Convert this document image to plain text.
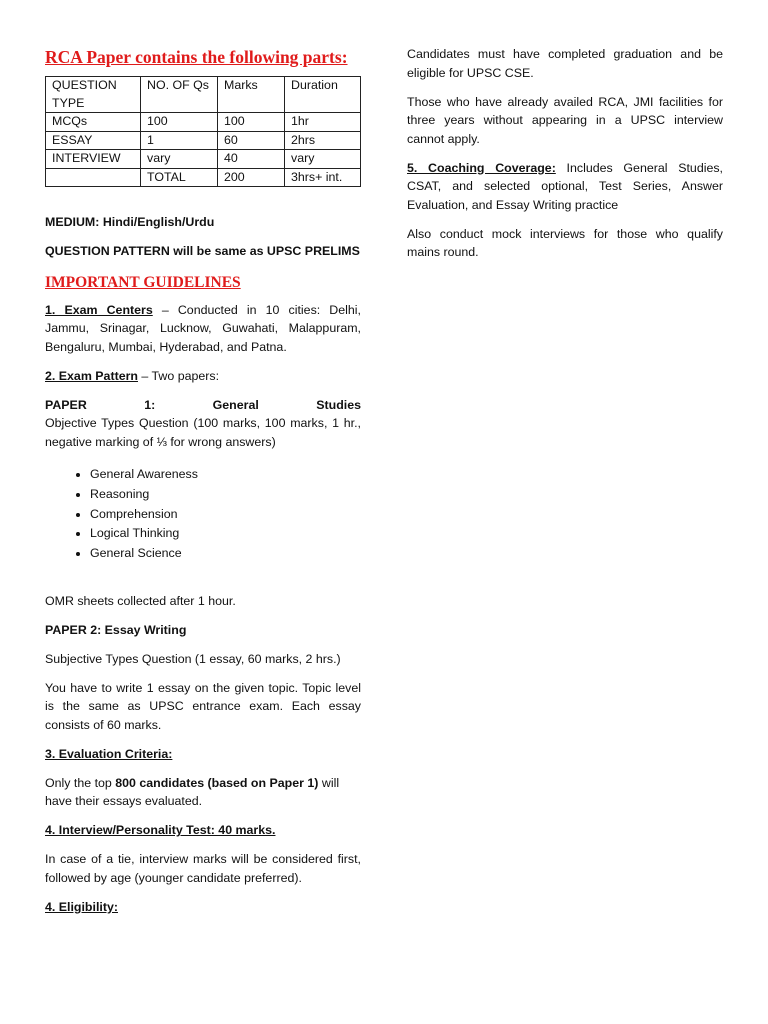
RCA Paper contains the following parts:
QUESTION TYPE	NO. OF Qs	Marks	Duration
MCQs	100	100	1hr
ESSAY	1	60	2hrs
INTERVIEW	vary	40	vary
	TOTAL	200	3hrs+ int.

MEDIUM: Hindi/English/Urdu

QUESTION PATTERN will be same as UPSC PRELIMS

IMPORTANT GUIDELINES

1. Exam Centers – Conducted in 10 cities: Delhi, Jammu, Srinagar, Lucknow, Guwahati, Malappuram, Bengaluru, Mumbai, Hyderabad, and Patna.

2. Exam Pattern – Two papers:

PAPER	1:	General	Studies
Objective Types Question (100 marks, 100 marks, 1 hr., negative marking of ⅓ for wrong answers)
• General Awareness
• Reasoning
• Comprehension
• Logical Thinking
• General Science

OMR sheets collected after 1 hour.

PAPER 2: Essay Writing

Subjective Types Question (1 essay, 60 marks, 2 hrs.)

You have to write 1 essay on the given topic. Topic level is the same as UPSC entrance exam. Each essay consists of 60 marks.

3. Evaluation Criteria:

Only the top 800 candidates (based on Paper 1) will have their essays evaluated.

4. Interview/Personality Test: 40 marks.

In case of a tie, interview marks will be considered first, followed by age (younger candidate preferred).

4. Eligibility:

Candidates must have completed graduation and be eligible for UPSC CSE.

Those who have already availed RCA, JMI facilities for three years without appearing in a UPSC interview cannot apply.

5. Coaching Coverage: Includes General Studies, CSAT, and selected optional, Test Series, Answer Evaluation, and Essay Writing practice

Also conduct mock interviews for those who qualify mains round.
